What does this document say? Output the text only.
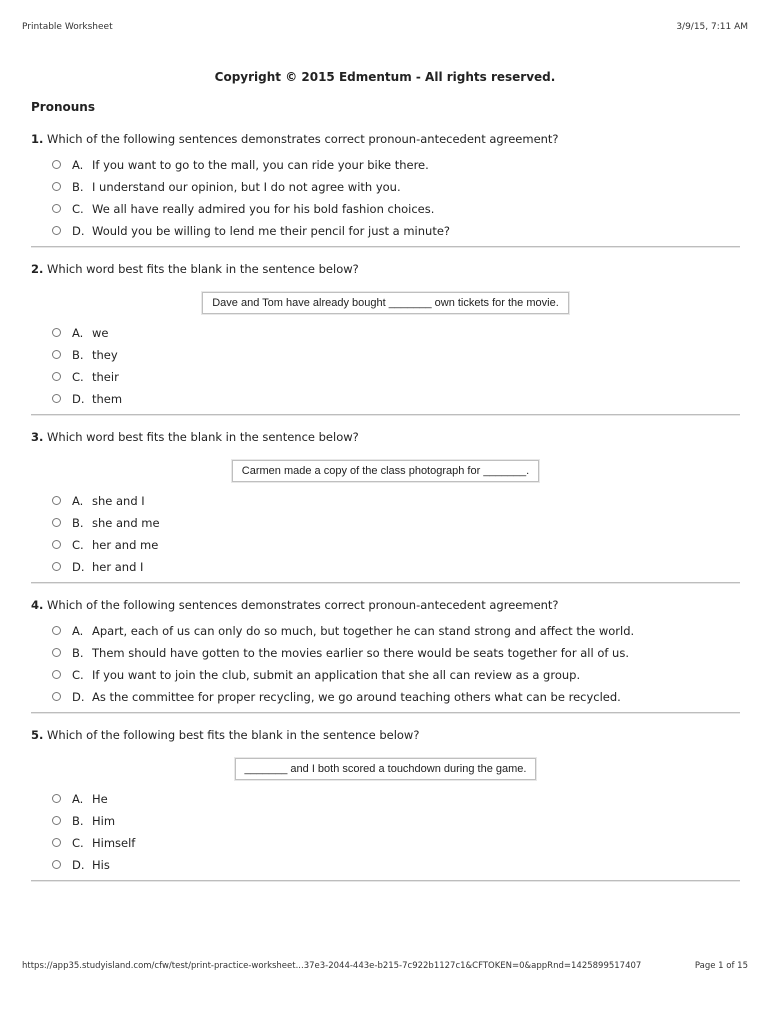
Printable Worksheet	3/9/15, 7:11 AM
Copyright © 2015 Edmentum - All rights reserved.
Pronouns
1. Which of the following sentences demonstrates correct pronoun-antecedent agreement?
A. If you want to go to the mall, you can ride your bike there.
B. I understand our opinion, but I do not agree with you.
C. We all have really admired you for his bold fashion choices.
D. Would you be willing to lend me their pencil for just a minute?
2. Which word best fits the blank in the sentence below?
Dave and Tom have already bought _______ own tickets for the movie.
A. we
B. they
C. their
D. them
3. Which word best fits the blank in the sentence below?
Carmen made a copy of the class photograph for _______.
A. she and I
B. she and me
C. her and me
D. her and I
4. Which of the following sentences demonstrates correct pronoun-antecedent agreement?
A. Apart, each of us can only do so much, but together he can stand strong and affect the world.
B. Them should have gotten to the movies earlier so there would be seats together for all of us.
C. If you want to join the club, submit an application that she all can review as a group.
D. As the committee for proper recycling, we go around teaching others what can be recycled.
5. Which of the following best fits the blank in the sentence below?
_______ and I both scored a touchdown during the game.
A. He
B. Him
C. Himself
D. His
https://app35.studyisland.com/cfw/test/print-practice-worksheet...37e3-2044-443e-b215-7c922b1127c1&CFTOKEN=0&appRnd=1425899517407	Page 1 of 15
